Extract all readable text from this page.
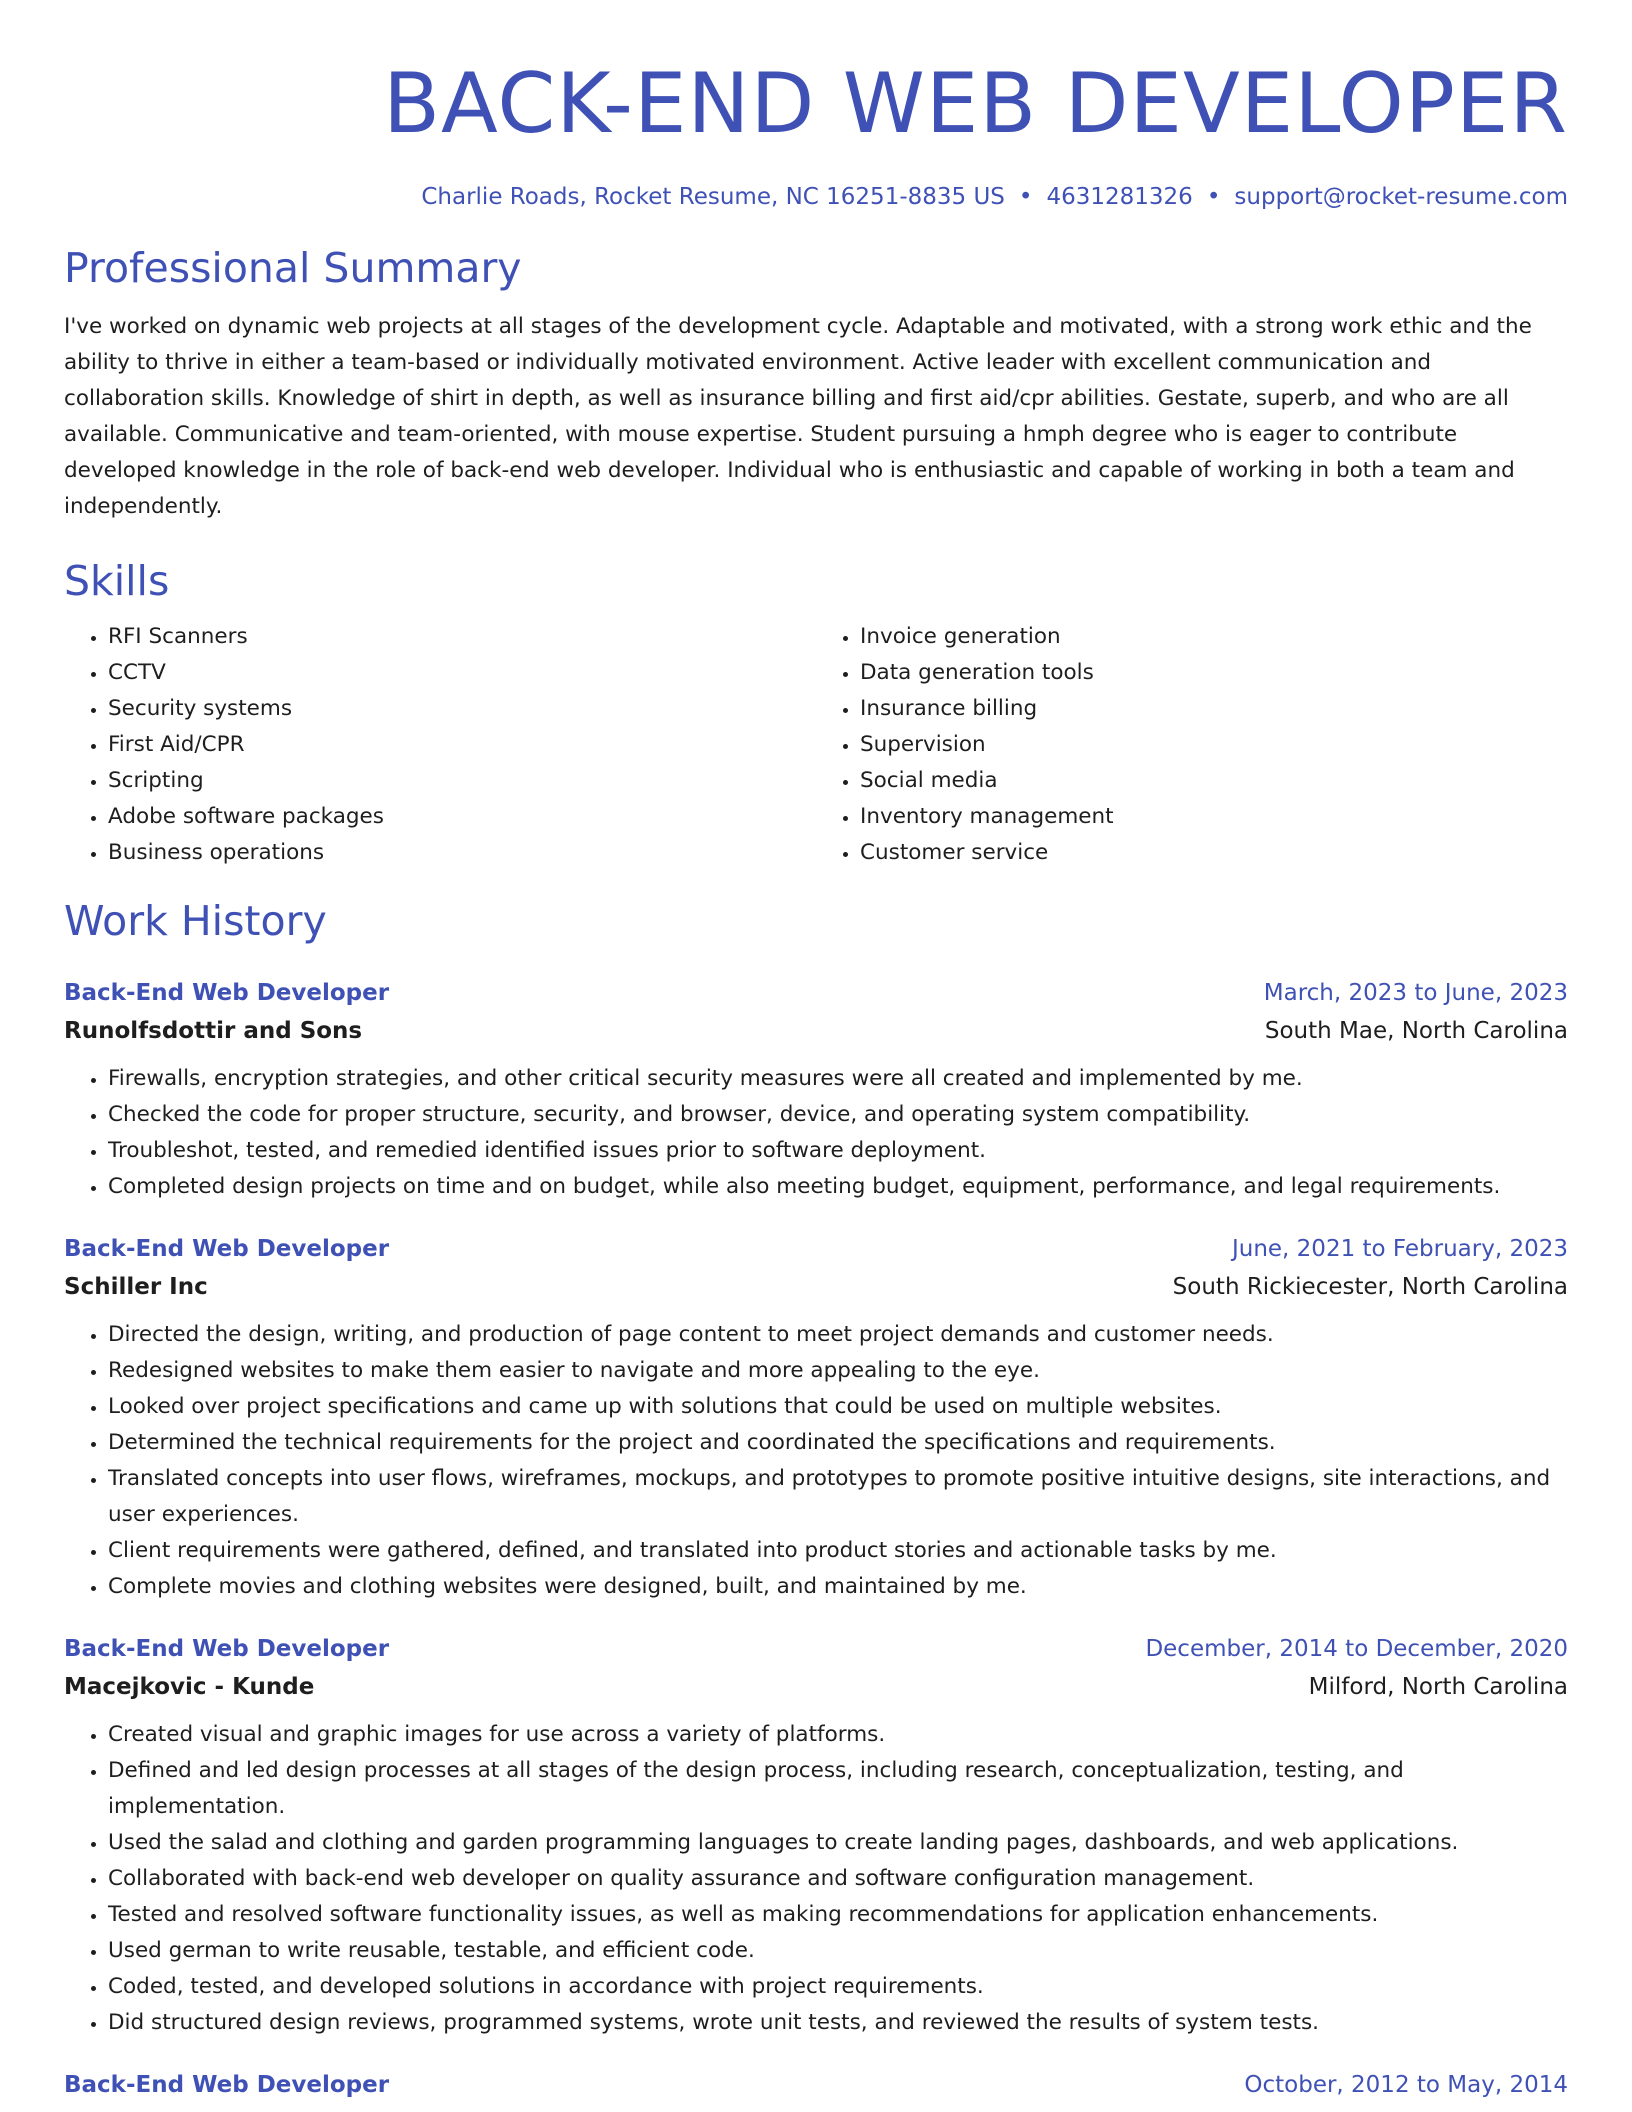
BACK-END WEB DEVELOPER
Charlie Roads, Rocket Resume, NC 16251-8835 US • 4631281326 • support@rocket-resume.com
Professional Summary

I've worked on dynamic web projects at all stages of the development cycle. Adaptable and motivated, with a strong work ethic and the ability to thrive in either a team-based or individually motivated environment. Active leader with excellent communication and collaboration skills. Knowledge of shirt in depth, as well as insurance billing and first aid/cpr abilities. Gestate, superb, and who are all available. Communicative and team-oriented, with mouse expertise. Student pursuing a hmph degree who is eager to contribute developed knowledge in the role of back-end web developer. Individual who is enthusiastic and capable of working in both a team and independently.

Skills
• RFI Scanners
• CCTV
• Security systems
• First Aid/CPR
• Scripting
• Adobe software packages
• Business operations
• Invoice generation
• Data generation tools
• Insurance billing
• Supervision
• Social media
• Inventory management
• Customer service
Work History
Back-End Web Developer	March, 2023 to June, 2023
Runolfsdottir and Sons	South Mae, North Carolina
• Firewalls, encryption strategies, and other critical security measures were all created and implemented by me.
• Checked the code for proper structure, security, and browser, device, and operating system compatibility.
• Troubleshot, tested, and remedied identified issues prior to software deployment.
• Completed design projects on time and on budget, while also meeting budget, equipment, performance, and legal requirements.
Back-End Web Developer	June, 2021 to February, 2023
Schiller Inc	South Rickiecester, North Carolina
• Directed the design, writing, and production of page content to meet project demands and customer needs.
• Redesigned websites to make them easier to navigate and more appealing to the eye.
• Looked over project specifications and came up with solutions that could be used on multiple websites.
• Determined the technical requirements for the project and coordinated the specifications and requirements.
• Translated concepts into user flows, wireframes, mockups, and prototypes to promote positive intuitive designs, site interactions, and user experiences.
• Client requirements were gathered, defined, and translated into product stories and actionable tasks by me.
• Complete movies and clothing websites were designed, built, and maintained by me.
Back-End Web Developer	December, 2014 to December, 2020
Macejkovic - Kunde	Milford, North Carolina
• Created visual and graphic images for use across a variety of platforms.
• Defined and led design processes at all stages of the design process, including research, conceptualization, testing, and implementation.
• Used the salad and clothing and garden programming languages to create landing pages, dashboards, and web applications.
• Collaborated with back-end web developer on quality assurance and software configuration management.
• Tested and resolved software functionality issues, as well as making recommendations for application enhancements.
• Used german to write reusable, testable, and efficient code.
• Coded, tested, and developed solutions in accordance with project requirements.
• Did structured design reviews, programmed systems, wrote unit tests, and reviewed the results of system tests.
Back-End Web Developer	October, 2012 to May, 2014
